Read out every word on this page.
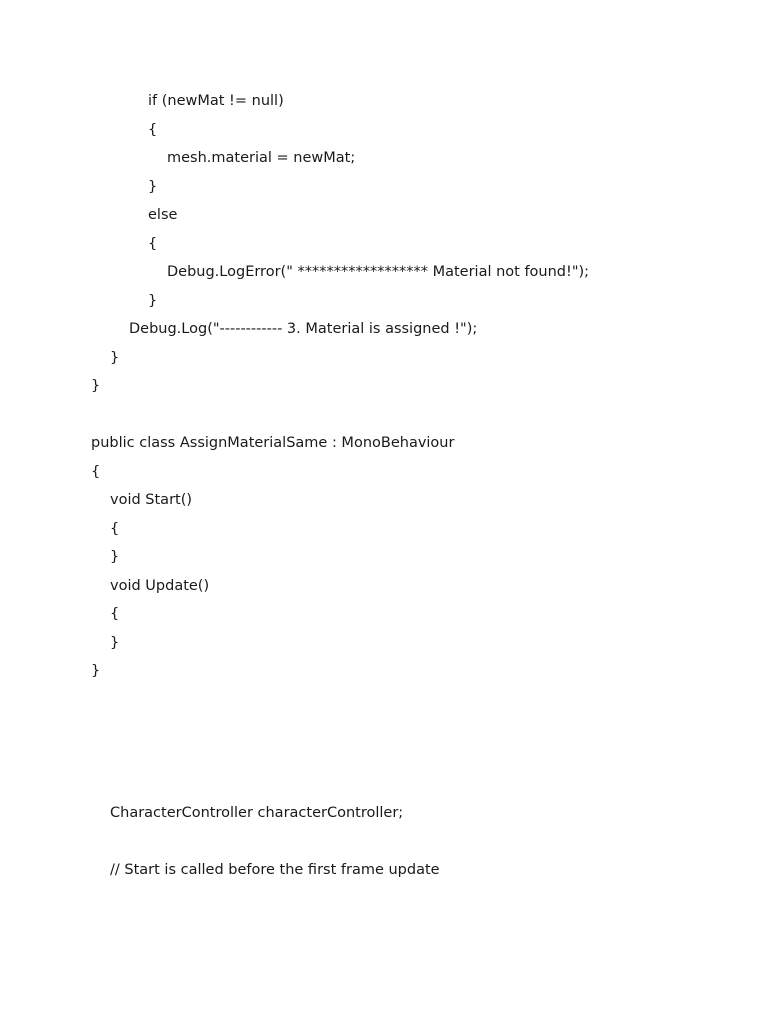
if (newMat != null)
{
mesh.material = newMat;
}
else
{
Debug.LogError(" ****************** Material not found!");
}
Debug.Log("------------ 3. Material is assigned !");
}
}
public class AssignMaterialSame : MonoBehaviour
{
void Start()
{
}
void Update()
{
}
}
CharacterController characterController;
// Start is called before the first frame update
